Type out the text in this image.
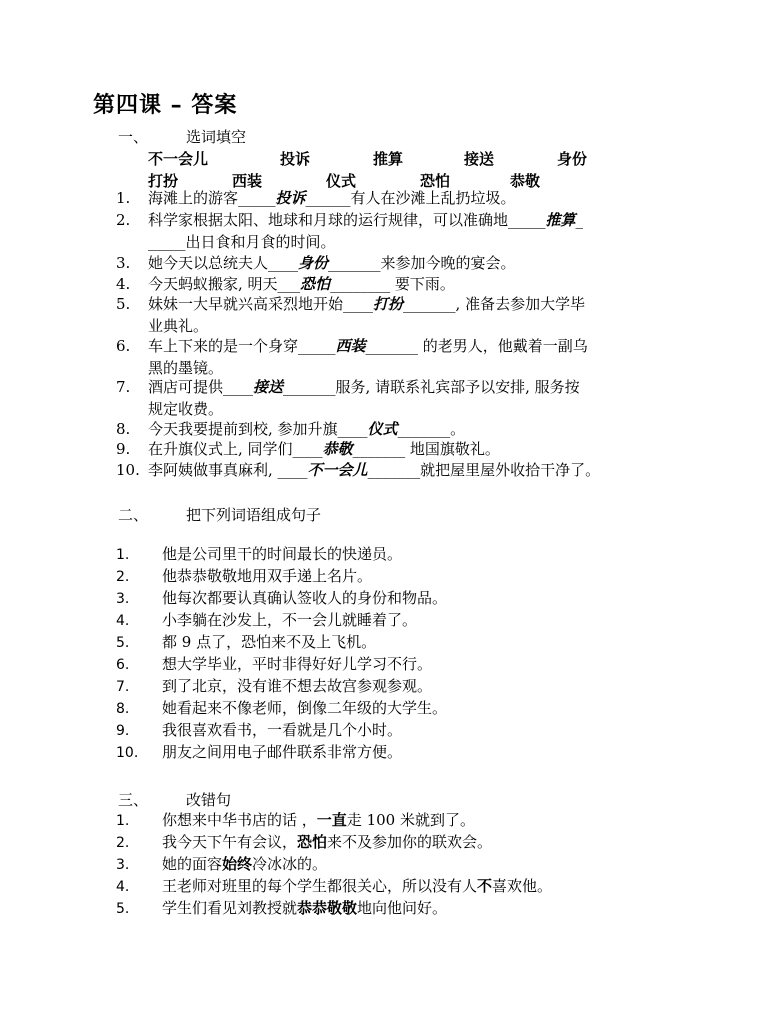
第四课 – 答案
一、	选词填空
不一会儿	投诉	推算	接送	身份
打扮	西装	仪式	恐怕	恭敬
1.	海滩上的游客_____投诉______有人在沙滩上乱扔垃圾。
2.	科学家根据太阳、地球和月球的运行规律，可以准确地_____推算_
_____出日食和月食的时间。
3.	她今天以总统夫人____身份_______来参加今晚的宴会。
4.	今天蚂蚁搬家, 明天___恐怕________ 要下雨。
5.	妹妹一大早就兴高采烈地开始____打扮_______, 准备去参加大学毕
业典礼。
6.	车上下来的是一个身穿_____西装_______ 的老男人，他戴着一副乌
黑的墨镜。
7.	酒店可提供____接送_______服务, 请联系礼宾部予以安排, 服务按
规定收费。
8.	今天我要提前到校, 参加升旗____仪式_______。
9.	在升旗仪式上, 同学们____恭敬_______ 地国旗敬礼。
10. 李阿姨做事真麻利, ____不一会儿_______就把屋里屋外收拾干净了。
二、	把下列词语组成句子
1. 他是公司里干的时间最长的快递员。
2. 他恭恭敬敬地用双手递上名片。
3. 他每次都要认真确认签收人的身份和物品。
4. 小李躺在沙发上，不一会儿就睡着了。
5. 都 9 点了，恐怕来不及上飞机。
6. 想大学毕业，平时非得好好儿学习不行。
7. 到了北京，没有谁不想去故宫参观参观。
8. 她看起来不像老师，倒像二年级的大学生。
9. 我很喜欢看书，一看就是几个小时。
10. 朋友之间用电子邮件联系非常方便。
三、	改错句
1. 你想来中华书店的话 ，一直走 100 米就到了。
2. 我今天下午有会议，恐怕来不及参加你的联欢会。
3. 她的面容始终冷冰冰的。
4. 王老师对班里的每个学生都很关心，所以没有人不喜欢他。
5. 学生们看见刘教授就恭恭敬敬地向他问好。
